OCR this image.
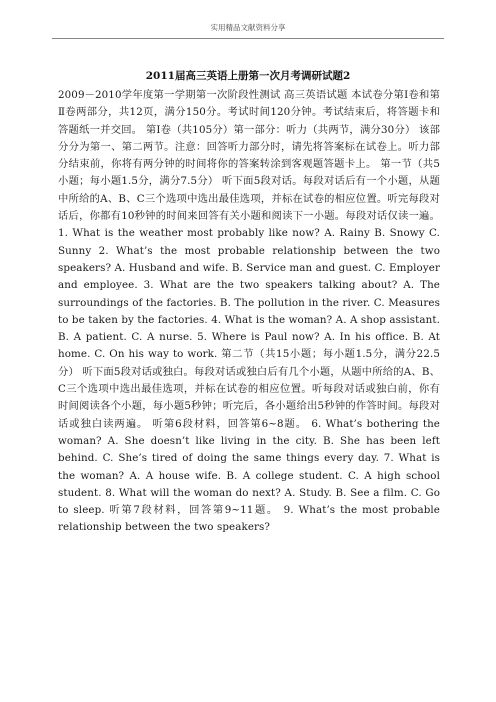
实用精品文献资料分享
2011届高三英语上册第一次月考调研试题2
2009－2010学年度第一学期第一次阶段性测试 高三英语试题 本试卷分第Ⅰ卷和第Ⅱ卷两部分，共12页，满分150分。考试时间120分钟。考试结束后，将答题卡和答题纸一并交回。 第Ⅰ卷（共105分）第一部分：听力（共两节，满分30分） 该部分分为第一、第二两节。注意：回答听力部分时，请先将答案标在试卷上。听力部分结束前，你将有两分钟的时间将你的答案转涂到客观题答题卡上。 第一节（共5小题；每小题1.5分，满分7.5分） 听下面5段对话。每段对话后有一个小题，从题中所给的A、B、C三个选项中选出最佳选项，并标在试卷的相应位置。听完每段对话后，你都有10秒钟的时间来回答有关小题和阅读下一小题。每段对话仅读一遍。 1. What is the weather most probably like now? A. Rainy B. Snowy C. Sunny 2. What’s the most probable relationship between the two speakers? A. Husband and wife. B. Service man and guest. C. Employer and employee. 3. What are the two speakers talking about? A. The surroundings of the factories. B. The pollution in the river. C. Measures to be taken by the factories. 4. What is the woman? A. A shop assistant. B. A patient. C. A nurse. 5. Where is Paul now? A. In his office. B. At home. C. On his way to work. 第二节（共15小题；每小题1.5分，满分22.5分） 听下面5段对话或独白。每段对话或独白后有几个小题，从题中所给的A、B、C三个选项中选出最佳选项，并标在试卷的相应位置。听每段对话或独白前，你有时间阅读各个小题，每小题5秒钟；听完后，各小题给出5秒钟的作答时间。每段对话或独白读两遍。 听第6段材料，回答第6~8题。 6. What’s bothering the woman? A. She doesn’t like living in the city. B. She has been left behind. C. She’s tired of doing the same things every day. 7. What is the woman? A. A house wife. B. A college student. C. A high school student. 8. What will the woman do next? A. Study. B. See a film. C. Go to sleep. 听第7段材料，回答第9~11题。 9. What’s the most probable relationship between the two speakers?
